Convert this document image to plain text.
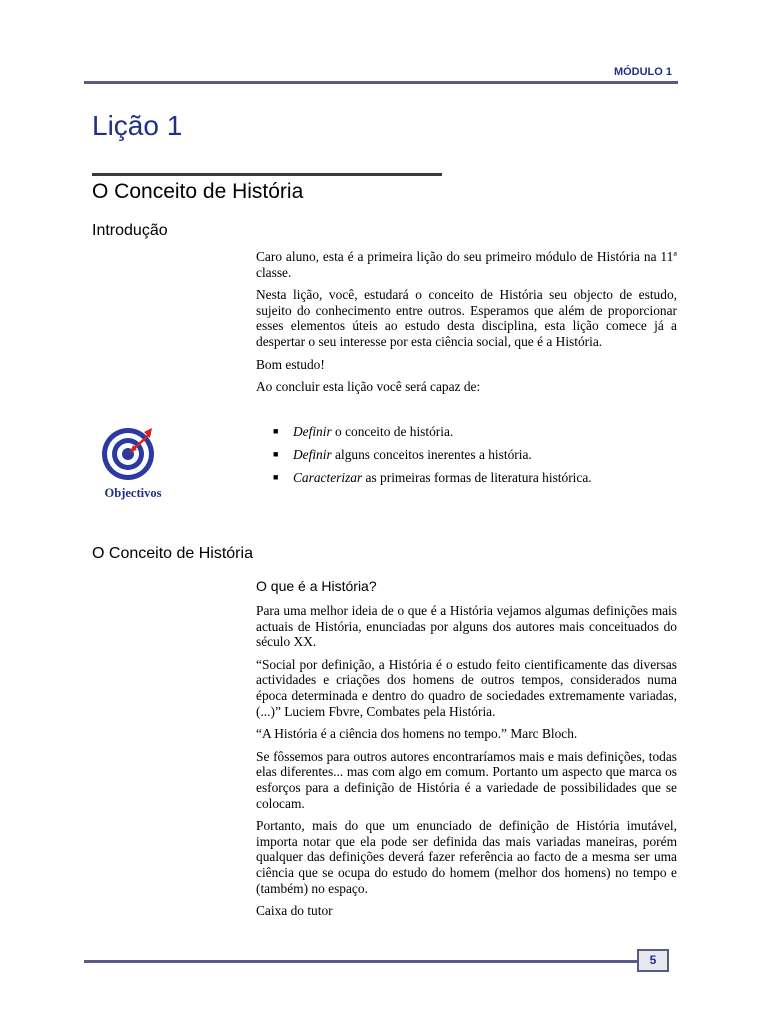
MÓDULO 1
Lição 1
O Conceito de História
Introdução

Caro aluno, esta é a primeira lição do seu primeiro módulo de História na 11ª classe.

Nesta lição, você, estudará o conceito de História seu objecto de estudo, sujeito do conhecimento entre outros. Esperamos que além de proporcionar esses elementos úteis ao estudo desta disciplina, esta lição comece já a despertar o seu interesse por esta ciência social, que é a História.

Bom estudo!

Ao concluir esta lição você será capaz de:

Objectivos
■ Definir o conceito de história.
■ Definir alguns conceitos inerentes a história.
■ Caracterizar as primeiras formas de literatura histórica.
O Conceito de História
O que é a História?

Para uma melhor ideia de o que é a História vejamos algumas definições mais actuais de História, enunciadas por alguns dos autores mais conceituados do século XX.

“Social por definição, a História é o estudo feito cientificamente das diversas actividades e criações dos homens de outros tempos, considerados numa época determinada e dentro do quadro de sociedades extremamente variadas, (...)” Luciem Fbvre, Combates pela História.

“A História é a ciência dos homens no tempo.” Marc Bloch.

Se fôssemos para outros autores encontraríamos mais e mais definições, todas elas diferentes... mas com algo em comum. Portanto um aspecto que marca os esforços para a definição de História é a variedade de possibilidades que se colocam.

Portanto, mais do que um enunciado de definição de História imutável, importa notar que ela pode ser definida das mais variadas maneiras, porém qualquer das definições deverá fazer referência ao facto de a mesma ser uma ciência que se ocupa do estudo do homem (melhor dos homens) no tempo e (também) no espaço.

Caixa do tutor

5
